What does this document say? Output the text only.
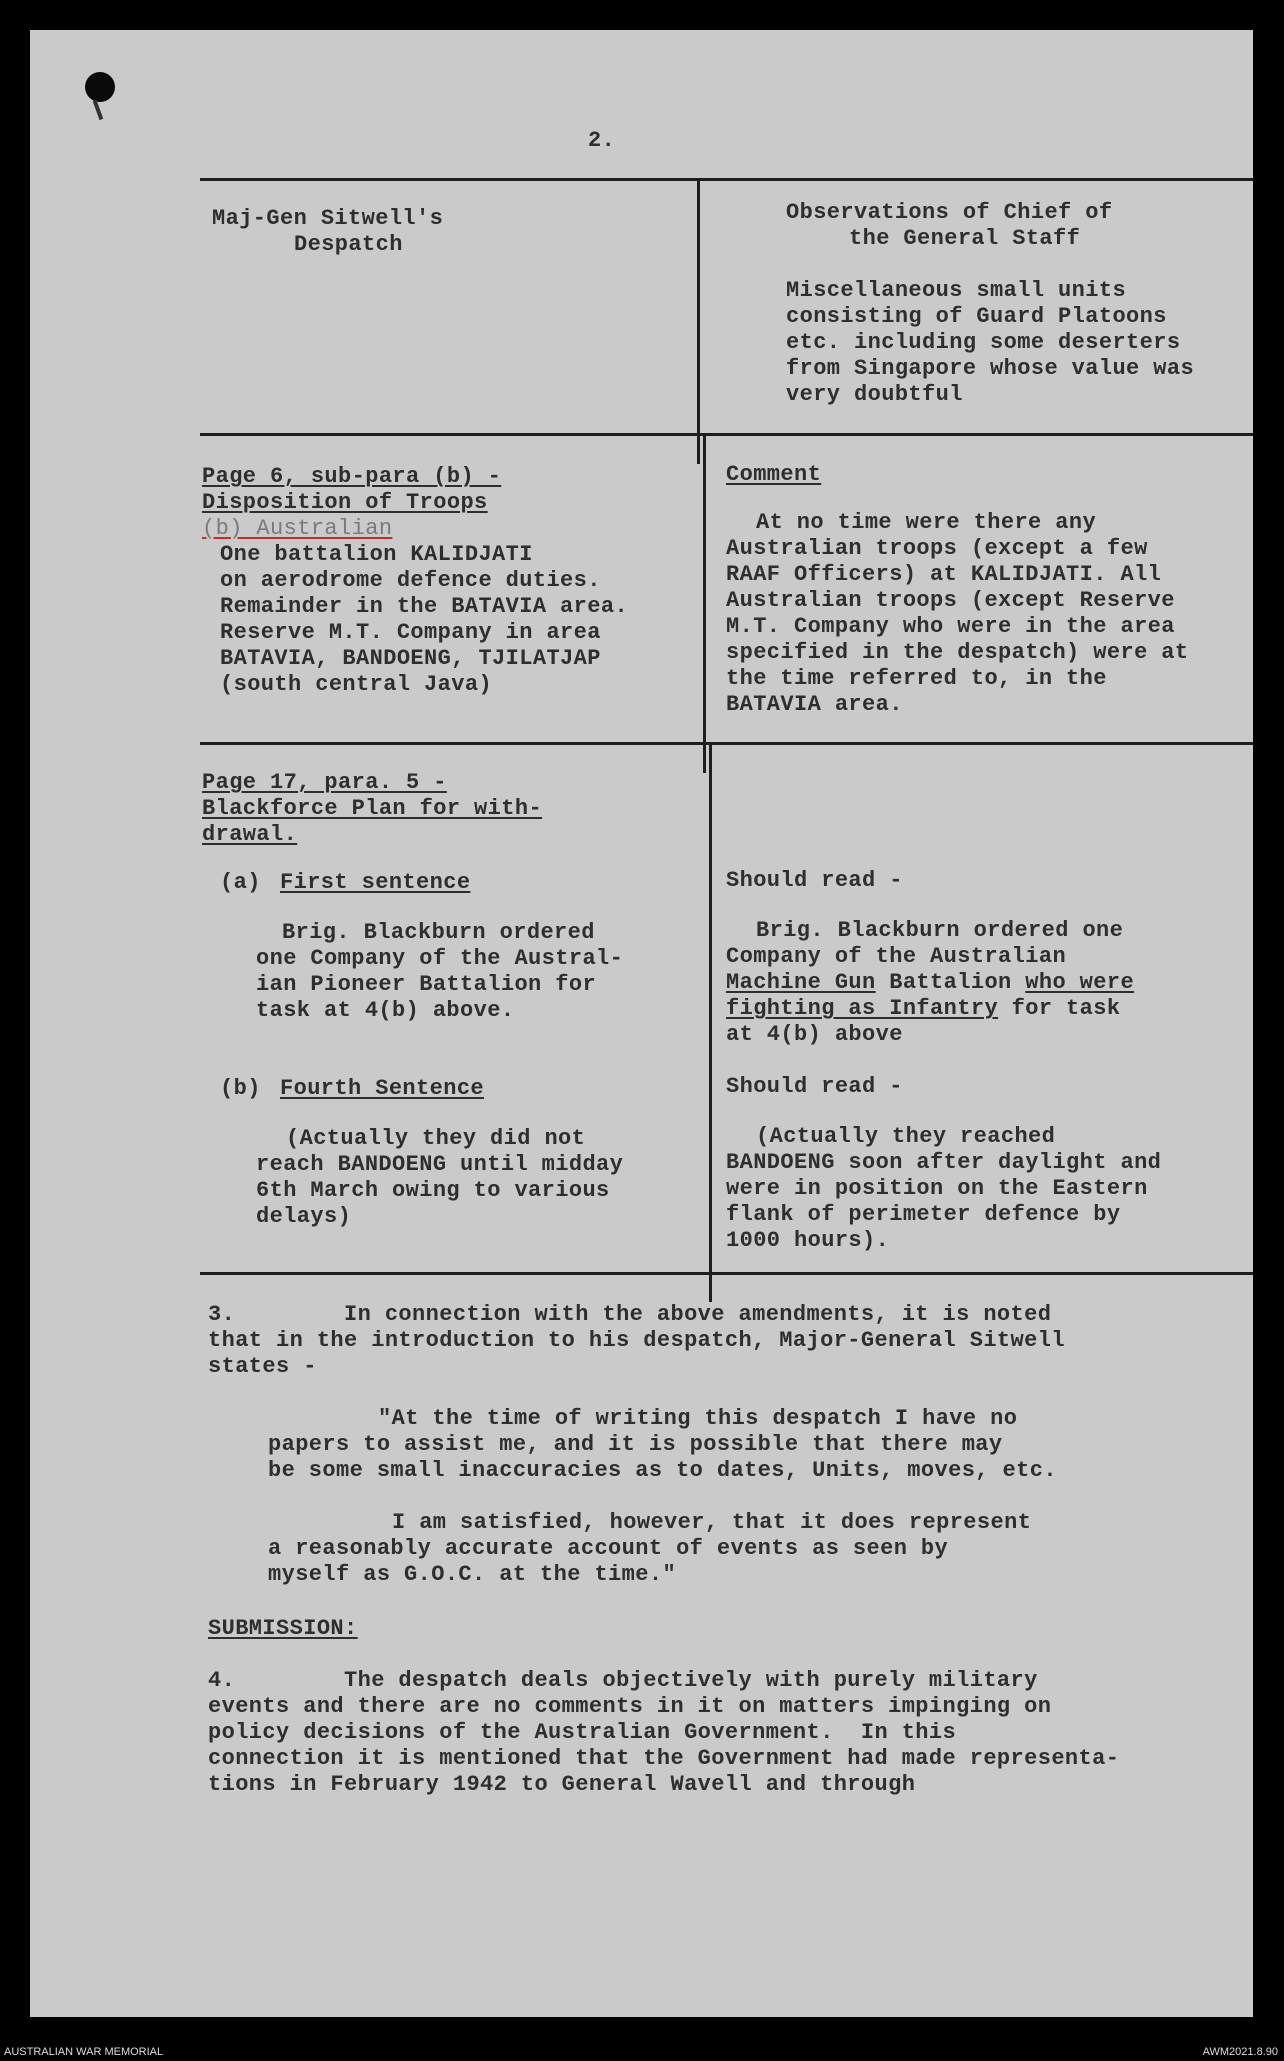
2.
Maj-Gen Sitwell's
Despatch
Observations of Chief of
the General Staff
Miscellaneous small units
consisting of Guard Platoons
etc. including some deserters
from Singapore whose value was
very doubtful
Page 6, sub-para (b) -
Disposition of Troops
(b) Australian
One battalion KALIDJATI
on aerodrome defence duties.
Remainder in the BATAVIA area.
Reserve M.T. Company in area
BATAVIA, BANDOENG, TJILATJAP
(south central Java)
Comment
At no time were there any
Australian troops (except a few
RAAF Officers) at KALIDJATI. All
Australian troops (except Reserve
M.T. Company who were in the area
specified in the despatch) were at
the time referred to, in the
BATAVIA area.
Page 17, para. 5 -
Blackforce Plan for with-
drawal.
(a) First sentence
Brig. Blackburn ordered
one Company of the Austral-
ian Pioneer Battalion for
task at 4(b) above.
Should read -
Brig. Blackburn ordered one
Company of the Australian
Machine Gun Battalion who were
fighting as Infantry for task
at 4(b) above
(b) Fourth Sentence
(Actually they did not
reach BANDOENG until midday
6th March owing to various
delays)
Should read -
(Actually they reached
BANDOENG soon after daylight and
were in position on the Eastern
flank of perimeter defence by
1000 hours).
3.        In connection with the above amendments, it is noted
that in the introduction to his despatch, Major-General Sitwell
states -
"At the time of writing this despatch I have no
papers to assist me, and it is possible that there may
be some small inaccuracies as to dates, Units, moves, etc.
I am satisfied, however, that it does represent
a reasonably accurate account of events as seen by
myself as G.O.C. at the time."
SUBMISSION:
4.        The despatch deals objectively with purely military
events and there are no comments in it on matters impinging on
policy decisions of the Australian Government.  In this
connection it is mentioned that the Government had made representa-
tions in February 1942 to General Wavell and through
AUSTRALIAN WAR MEMORIAL	AWM2021.8.90
